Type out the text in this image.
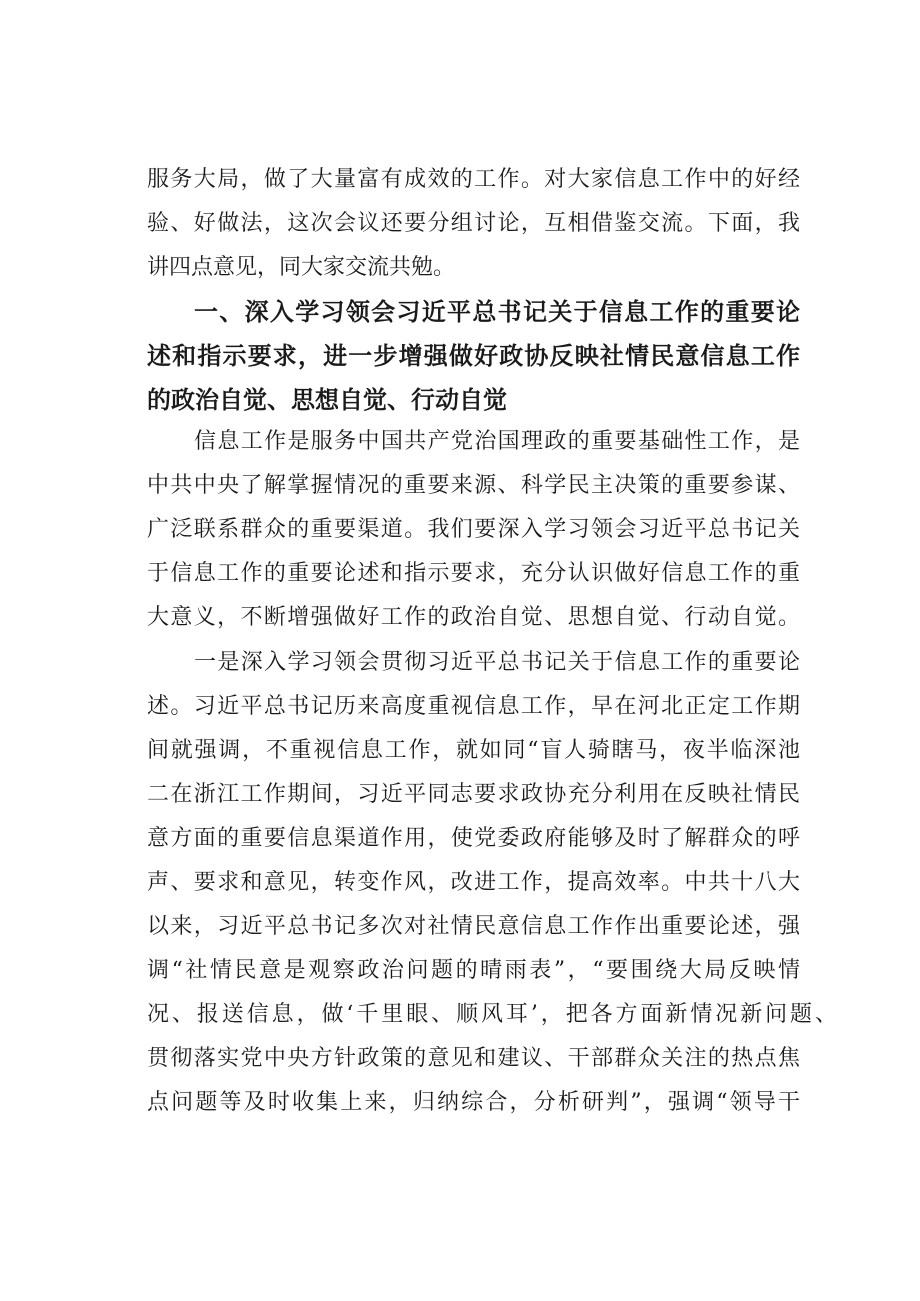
服务大局，做了大量富有成效的工作。对大家信息工作中的好经
验、好做法，这次会议还要分组讨论，互相借鉴交流。下面，我
讲四点意见，同大家交流共勉。
一、深入学习领会习近平总书记关于信息工作的重要论
述和指示要求，进一步增强做好政协反映社情民意信息工作
的政治自觉、思想自觉、行动自觉
信息工作是服务中国共产党治国理政的重要基础性工作，是
中共中央了解掌握情况的重要来源、科学民主决策的重要参谋、
广泛联系群众的重要渠道。我们要深入学习领会习近平总书记关
于信息工作的重要论述和指示要求，充分认识做好信息工作的重
大意义，不断增强做好工作的政治自觉、思想自觉、行动自觉。
一是深入学习领会贯彻习近平总书记关于信息工作的重要论
述。习近平总书记历来高度重视信息工作，早在河北正定工作期
间就强调，不重视信息工作，就如同“盲人骑瞎马，夜半临深池
二在浙江工作期间，习近平同志要求政协充分利用在反映社情民
意方面的重要信息渠道作用，使党委政府能够及时了解群众的呼
声、要求和意见，转变作风，改进工作，提高效率。中共十八大
以来，习近平总书记多次对社情民意信息工作作出重要论述，强
调“社情民意是观察政治问题的晴雨表”，“要围绕大局反映情
况、报送信息，做‘千里眼、顺风耳’，把各方面新情况新问题、
贯彻落实党中央方针政策的意见和建议、干部群众关注的热点焦
点问题等及时收集上来，归纳综合，分析研判”，强调“领导干
